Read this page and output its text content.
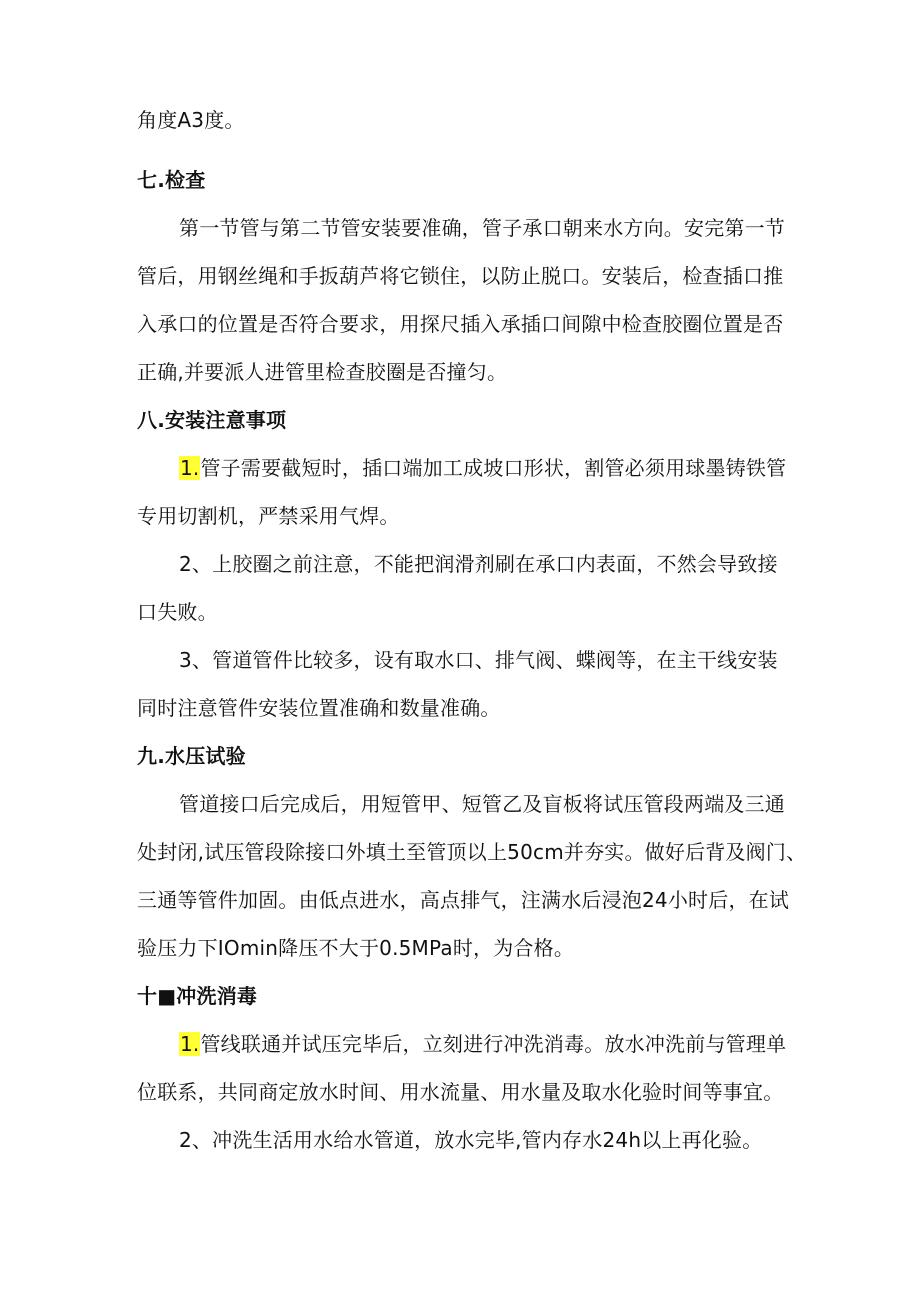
角度A3度。
七.检查
第一节管与第二节管安装要准确，管子承口朝来水方向。安完第一节
管后，用钢丝绳和手扳葫芦将它锁住，以防止脱口。安装后，检查插口推
入承口的位置是否符合要求，用探尺插入承插口间隙中检查胶圈位置是否
正确,并要派人进管里检查胶圈是否撞匀。
八.安装注意事项
1.管子需要截短时，插口端加工成坡口形状，割管必须用球墨铸铁管
专用切割机，严禁采用气焊。
2、上胶圈之前注意，不能把润滑剂刷在承口内表面，不然会导致接
口失败。
3、管道管件比较多，设有取水口、排气阀、蝶阀等，在主干线安装
同时注意管件安装位置准确和数量准确。
九.水压试验
管道接口后完成后，用短管甲、短管乙及盲板将试压管段两端及三通
处封闭,试压管段除接口外填土至管顶以上50cm并夯实。做好后背及阀门、
三通等管件加固。由低点进水，高点排气，注满水后浸泡24小时后，在试
验压力下IOmin降压不大于0.5MPa时，为合格。
十■冲洗消毒
1.管线联通并试压完毕后，立刻进行冲洗消毒。放水冲洗前与管理单
位联系，共同商定放水时间、用水流量、用水量及取水化验时间等事宜。
2、冲洗生活用水给水管道，放水完毕,管内存水24h以上再化验。
